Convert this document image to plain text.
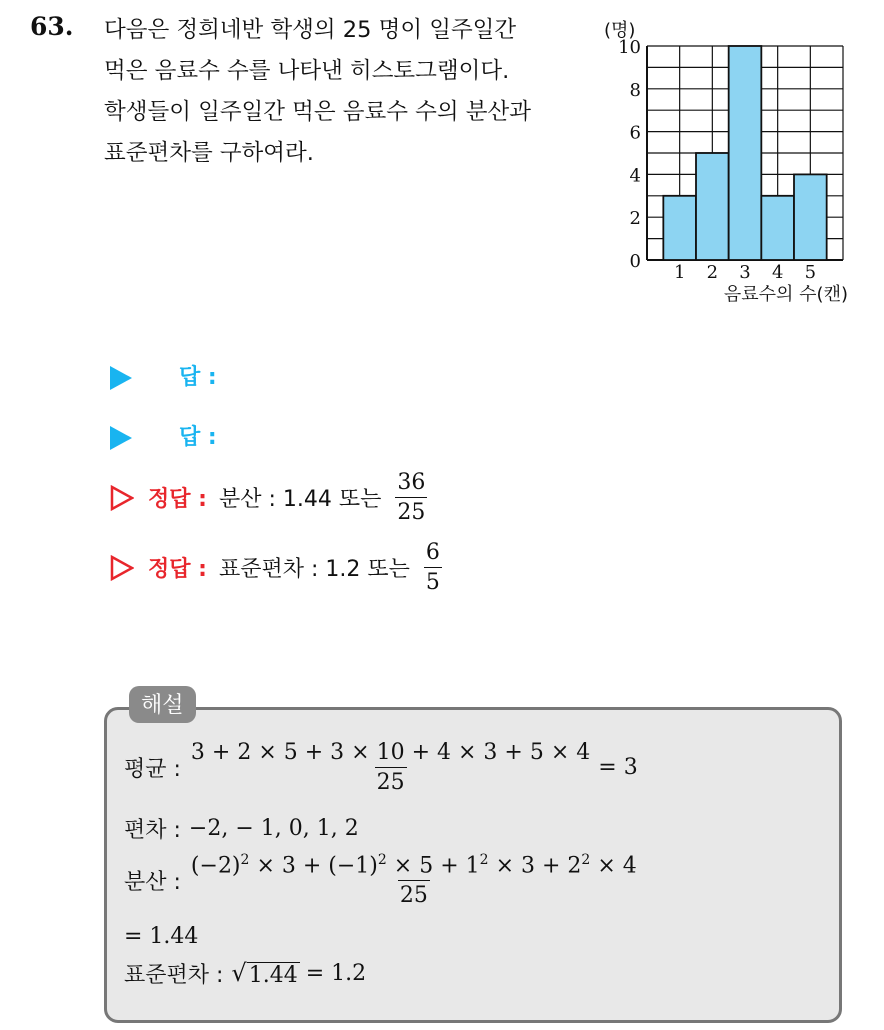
63. 다음은 정희네반 학생의 25 명이 일주일간
먹은 음료수 수를 나타낸 히스토그램이다.
학생들이 일주일간 먹은 음료수 수의 분산과
표준편차를 구하여라.
0
2
4
6
8
10
1 2 3 4 5
(명)
음료수의 수(캔)
답 :
답 :
정답 : 분산 : 1.44 또는 $\frac{36}{25}$
정답 : 표준편차 : 1.2 또는 $\frac{6}{5}$
해설
평균 : $\frac{3 + 2 \times 5 + 3 \times 10 + 4 \times 3 + 5 \times 4}{25} = 3$
편차 : −2, − 1, 0, 1, 2
분산 : $\frac{(-2)^2 \times 3 + (-1)^2 \times 5 + 1^2 \times 3 + 2^2 \times 4}{25}$
= 1.44
표준편차 : √ 1.44 = 1.2
